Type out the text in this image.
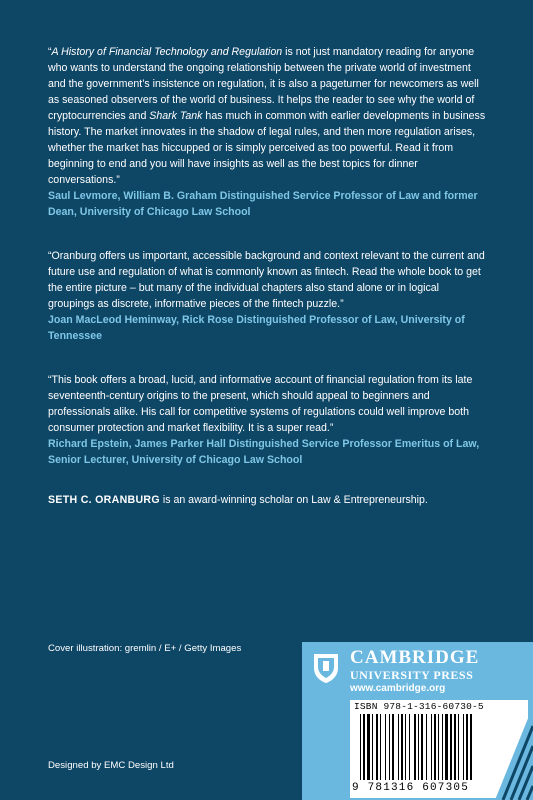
“A History of Financial Technology and Regulation is not just mandatory reading for anyone who wants to understand the ongoing relationship between the private world of investment and the government’s insistence on regulation, it is also a pageturner for newcomers as well as seasoned observers of the world of business. It helps the reader to see why the world of cryptocurrencies and Shark Tank has much in common with earlier developments in business history. The market innovates in the shadow of legal rules, and then more regulation arises, whether the market has hiccupped or is simply perceived as too powerful. Read it from beginning to end and you will have insights as well as the best topics for dinner conversations.”

Saul Levmore, William B. Graham Distinguished Service Professor of Law and former Dean, University of Chicago Law School

“Oranburg offers us important, accessible background and context relevant to the current and future use and regulation of what is commonly known as fintech. Read the whole book to get the entire picture – but many of the individual chapters also stand alone or in logical groupings as discrete, informative pieces of the fintech puzzle.”

Joan MacLeod Heminway, Rick Rose Distinguished Professor of Law, University of Tennessee

“This book offers a broad, lucid, and informative account of financial regulation from its late seventeenth-century origins to the present, which should appeal to beginners and professionals alike. His call for competitive systems of regulations could well improve both consumer protection and market flexibility. It is a super read.”

Richard Epstein, James Parker Hall Distinguished Service Professor Emeritus of Law, Senior Lecturer, University of Chicago Law School

SETH C. ORANBURG is an award-winning scholar on Law & Entrepreneurship.
Cover illustration: gremlin / E+ / Getty Images
Designed by EMC Design Ltd
CAMBRIDGE
UNIVERSITY PRESS
www.cambridge.org
ISBN 978-1-316-60730-5
9 781316 607305
